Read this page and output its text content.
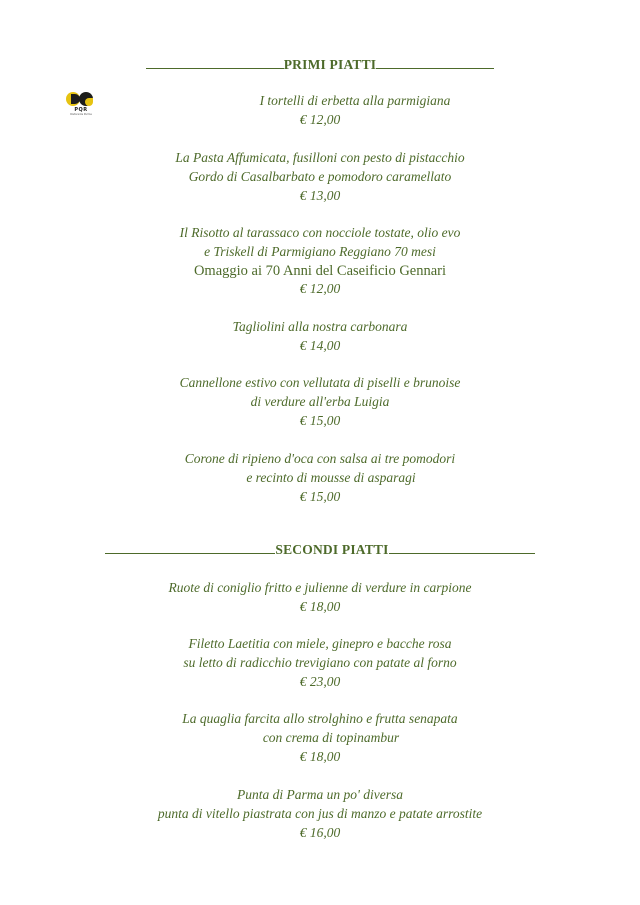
PQR
Ristorante Parma
PRIMI PIATTI
I tortelli di erbetta alla parmigiana
€ 12,00
La Pasta Affumicata, fusilloni con pesto di pistacchio
Gordo di Casalbarbato e pomodoro caramellato
€ 13,00
Il Risotto al tarassaco con nocciole tostate, olio evo
e Triskell di Parmigiano Reggiano 70 mesi
Omaggio ai 70 Anni del Caseificio Gennari
€ 12,00
Tagliolini alla nostra carbonara
€ 14,00
Cannellone estivo con vellutata di piselli e brunoise
di verdure all'erba Luigia
€ 15,00
Corone di ripieno d'oca con salsa ai tre pomodori
e recinto di mousse di asparagi
€ 15,00
SECONDI PIATTI
Ruote di coniglio fritto e julienne di verdure in carpione
€ 18,00
Filetto Laetitia con miele, ginepro e bacche rosa
su letto di radicchio trevigiano con patate al forno
€ 23,00
La quaglia farcita allo strolghino e frutta senapata
con crema di topinambur
€ 18,00
Punta di Parma un po' diversa
punta di vitello piastrata con jus di manzo e patate arrostite
€ 16,00
